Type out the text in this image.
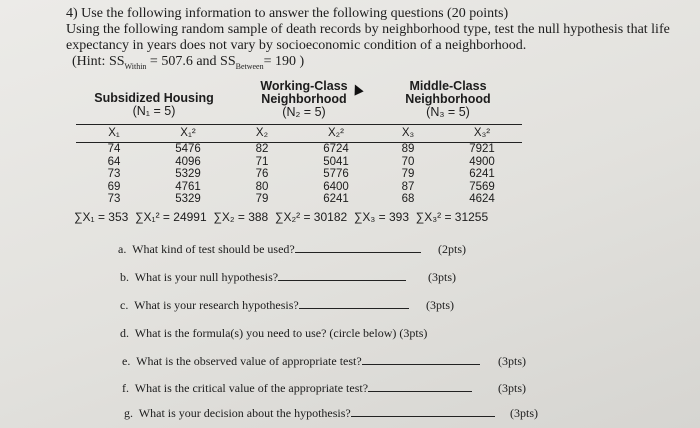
4) Use the following information to answer the following questions (20 points)
Using the following random sample of death records by neighborhood type, test the null hypothesis that life
expectancy in years does not vary by socioeconomic condition of a neighborhood.
(Hint: $SS_{Within} = 507.6$ and $SS_{Between}= 190$ )
Subsidized Housing
(N₁ = 5)
Working-Class Neighborhood
(N₂ = 5)
Middle-Class Neighborhood
(N₃ = 5)
X₁	X₁²	X₂	X₂²	X₃	X₃²
74	5476	82	6724	89	7921
64	4096	71	5041	70	4900
73	5329	76	5776	79	6241
69	4761	80	6400	87	7569
73	5329	79	6241	68	4624
∑X₁ = 353 ∑X₁² = 24991 ∑X₂ = 388 ∑X₂² = 30182 ∑X₃ = 393 ∑X₃² = 31255
a. What kind of test should be used?	(2pts)
b. What is your null hypothesis?	(3pts)
c. What is your research hypothesis?	(3pts)
d. What is the formula(s) you need to use? (circle below) (3pts)
e. What is the observed value of appropriate test?	(3pts)
f. What is the critical value of the appropriate test?	(3pts)
g. What is your decision about the hypothesis?	(3pts)
